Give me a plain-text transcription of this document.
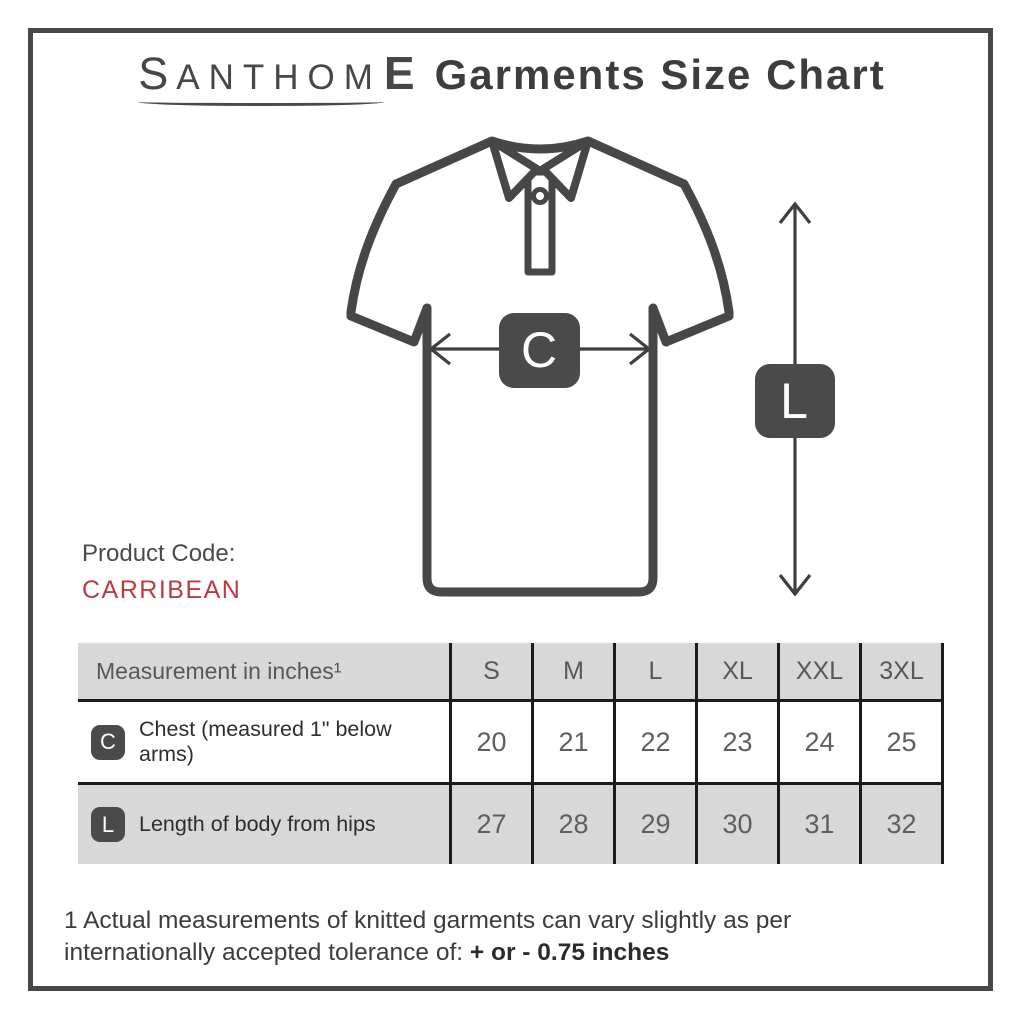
S ANTHOM E Garments Size Chart
C
L
Product Code:
CARRIBEAN
Measurement in inches¹	S	M	L XL XXL 3XL
C	Chest (measured 1" below arms)	20 21 22 23 24 25
L	Length of body from hips	27 28 29 30 31 32
1 Actual measurements of knitted garments can vary slightly as per internationally accepted tolerance of: + or - 0.75 inches
